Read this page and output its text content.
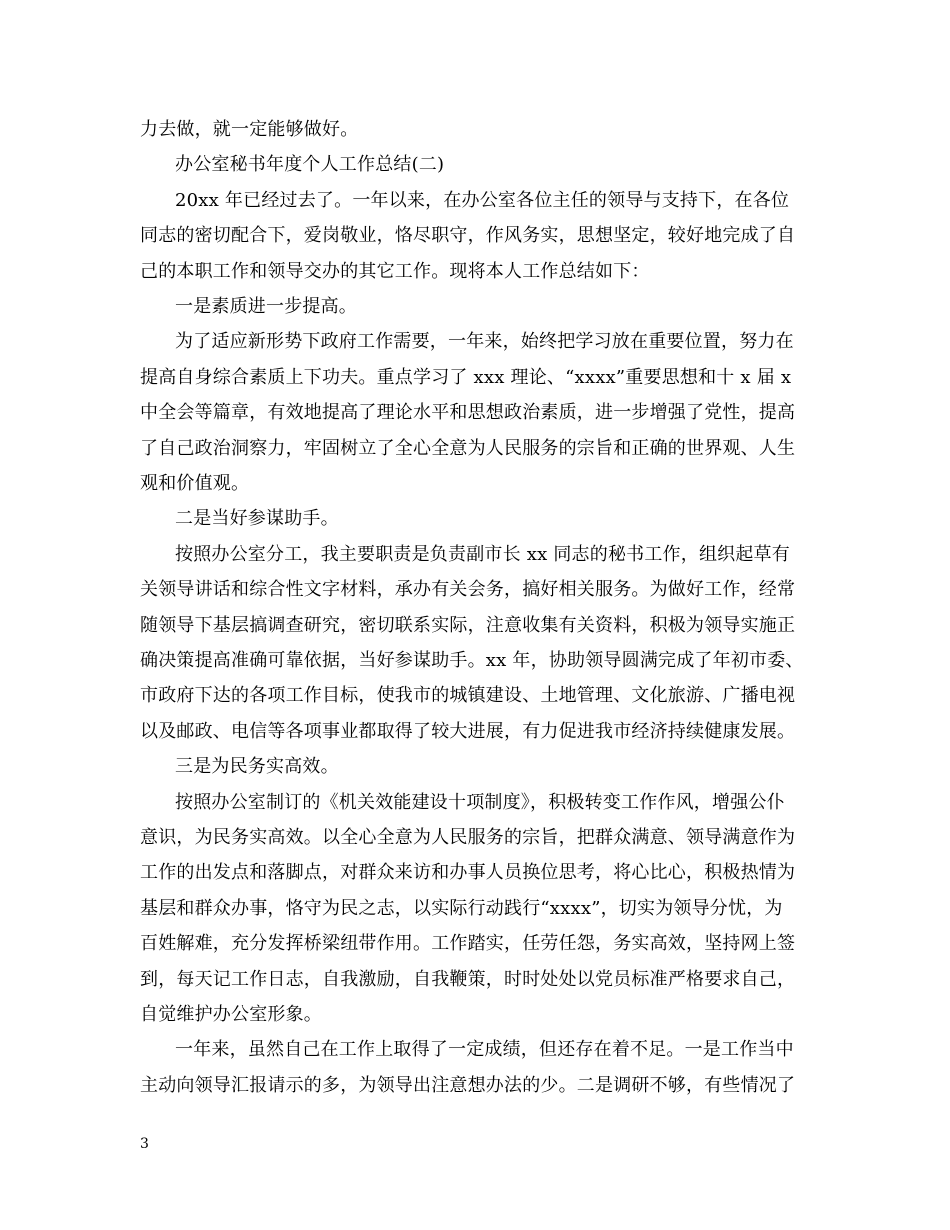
力去做，就一定能够做好。
办公室秘书年度个人工作总结(二)
20xx 年已经过去了。一年以来，在办公室各位主任的领导与支持下，在各位
同志的密切配合下，爱岗敬业，恪尽职守，作风务实，思想坚定，较好地完成了自
己的本职工作和领导交办的其它工作。现将本人工作总结如下：
一是素质进一步提高。
为了适应新形势下政府工作需要，一年来，始终把学习放在重要位置，努力在
提高自身综合素质上下功夫。重点学习了 xxx 理论、“xxxx”重要思想和十 x 届 x
中全会等篇章，有效地提高了理论水平和思想政治素质，进一步增强了党性，提高
了自己政治洞察力，牢固树立了全心全意为人民服务的宗旨和正确的世界观、人生
观和价值观。
二是当好参谋助手。
按照办公室分工，我主要职责是负责副市长 xx 同志的秘书工作，组织起草有
关领导讲话和综合性文字材料，承办有关会务，搞好相关服务。为做好工作，经常
随领导下基层搞调查研究，密切联系实际，注意收集有关资料，积极为领导实施正
确决策提高准确可靠依据，当好参谋助手。xx 年，协助领导圆满完成了年初市委、
市政府下达的各项工作目标，使我市的城镇建设、土地管理、文化旅游、广播电视
以及邮政、电信等各项事业都取得了较大进展，有力促进我市经济持续健康发展。
三是为民务实高效。
按照办公室制订的《机关效能建设十项制度》，积极转变工作作风，增强公仆
意识，为民务实高效。以全心全意为人民服务的宗旨，把群众满意、领导满意作为
工作的出发点和落脚点，对群众来访和办事人员换位思考，将心比心，积极热情为
基层和群众办事，恪守为民之志，以实际行动践行“xxxx”，切实为领导分忧，为
百姓解难，充分发挥桥梁纽带作用。工作踏实，任劳任怨，务实高效，坚持网上签
到，每天记工作日志，自我激励，自我鞭策，时时处处以党员标准严格要求自己，
自觉维护办公室形象。
一年来，虽然自己在工作上取得了一定成绩，但还存在着不足。一是工作当中
主动向领导汇报请示的多，为领导出注意想办法的少。二是调研不够，有些情况了
3
